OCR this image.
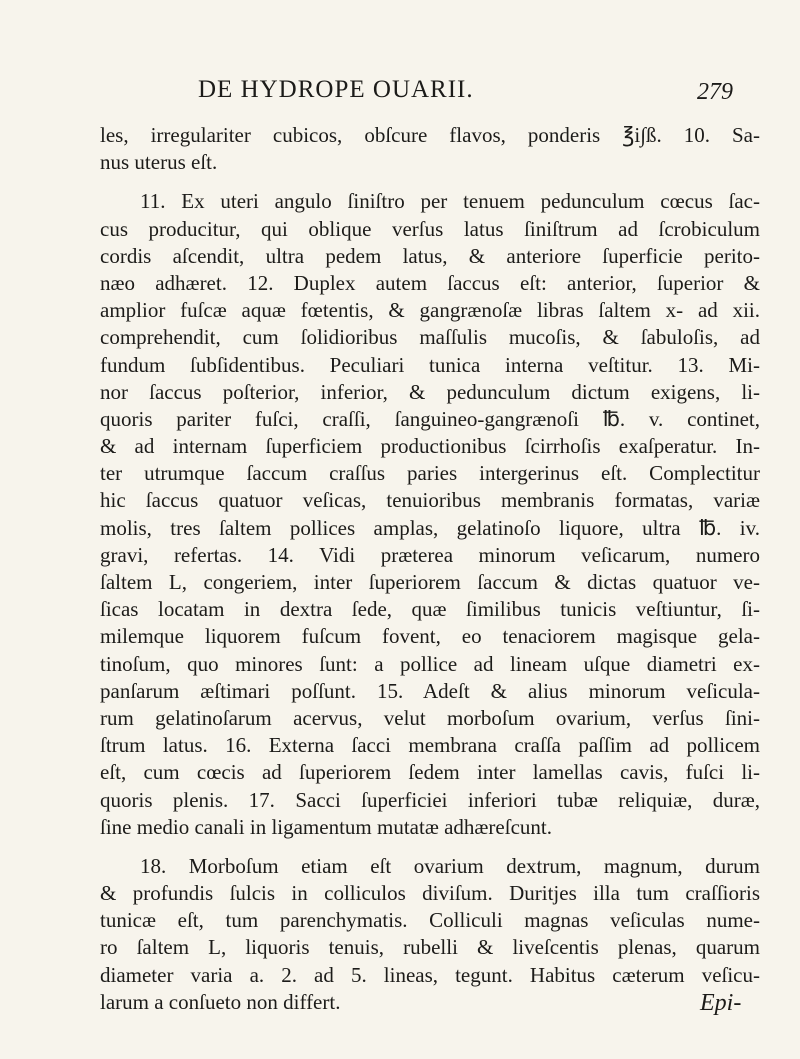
DE HYDROPE OUARII.	279
les, irregulariter cubicos, obſcure flavos, ponderis ℥i∫ß. 10. Sa-
nus uterus eſt.
11. Ex uteri angulo ſiniſtro per tenuem pedunculum cœcus ſac-
cus producitur, qui oblique verſus latus ſiniſtrum ad ſcrobiculum
cordis aſcendit, ultra pedem latus, & anteriore ſuperficie perito-
næo adhæret. 12. Duplex autem ſaccus eſt: anterior, ſuperior &
amplior fuſcæ aquæ fœtentis, & gangrænoſæ libras ſaltem x- ad xii.
comprehendit, cum ſolidioribus maſſulis mucoſis, & ſabuloſis, ad
fundum ſubſidentibus. Peculiari tunica interna veſtitur. 13. Mi-
nor ſaccus poſterior, inferior, & pedunculum dictum exigens, li-
quoris pariter fuſci, craſſi, ſanguineo-gangrænoſi ℔. v. continet,
& ad internam ſuperficiem productionibus ſcirrhoſis exaſperatur. In-
ter utrumque ſaccum craſſus paries intergerinus eſt. Complectitur
hic ſaccus quatuor veſicas, tenuioribus membranis formatas, variæ
molis, tres ſaltem pollices amplas, gelatinoſo liquore, ultra ℔. iv.
gravi, refertas. 14. Vidi præterea minorum veſicarum, numero
ſaltem L, congeriem, inter ſuperiorem ſaccum & dictas quatuor ve-
ſicas locatam in dextra ſede, quæ ſimilibus tunicis veſtiuntur, ſi-
milemque liquorem fuſcum fovent, eo tenaciorem magisque gela-
tinoſum, quo minores ſunt: a pollice ad lineam uſque diametri ex-
panſarum æſtimari poſſunt. 15. Adeſt & alius minorum veſicula-
rum gelatinoſarum acervus, velut morboſum ovarium, verſus ſini-
ſtrum latus. 16. Externa ſacci membrana craſſa paſſim ad pollicem
eſt, cum cœcis ad ſuperiorem ſedem inter lamellas cavis, fuſci li-
quoris plenis. 17. Sacci ſuperficiei inferiori tubæ reliquiæ, duræ,
ſine medio canali in ligamentum mutatæ adhæreſcunt.
18. Morboſum etiam eſt ovarium dextrum, magnum, durum
& profundis ſulcis in colliculos diviſum. Duritjes illa tum craſſioris
tunicæ eſt, tum parenchymatis. Colliculi magnas veſiculas nume-
ro ſaltem L, liquoris tenuis, rubelli & liveſcentis plenas, quarum
diameter varia a. 2. ad 5. lineas, tegunt. Habitus cæterum veſicu-
larum a conſueto non differt.	Epi-
